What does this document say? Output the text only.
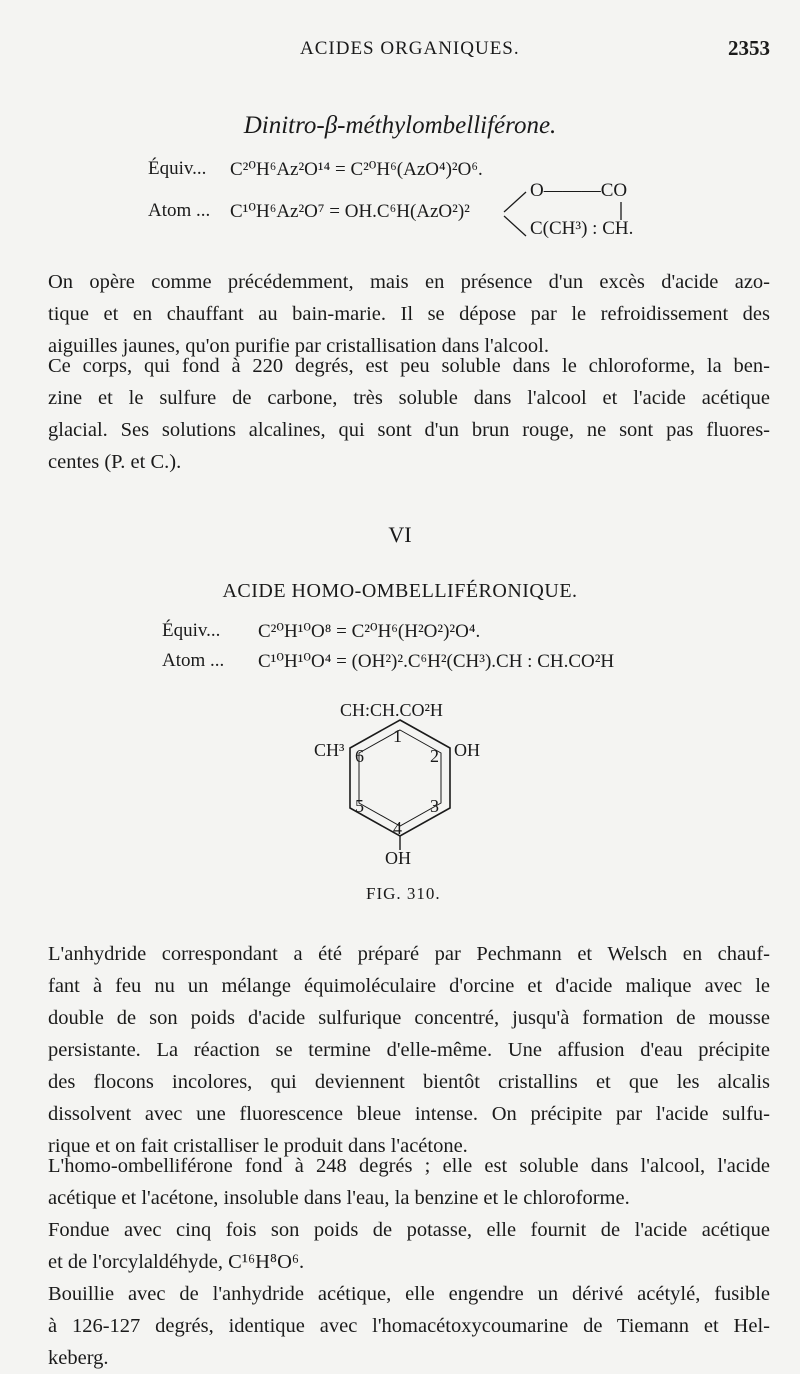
ACIDES ORGANIQUES.	2353
Dinitro-β-méthylombelliférone.
Équiv... C²⁰H⁶Az²O¹⁴ = C²⁰H⁶(AzO⁴)²O⁶.
Atom ... C¹⁰H⁶Az²O⁷ = OH.C⁶H(AzO²)²
O———CO
C(CH³) : CH.
On opère comme précédemment, mais en présence d'un excès d'acide azo-
tique et en chauffant au bain-marie. Il se dépose par le refroidissement des
aiguilles jaunes, qu'on purifie par cristallisation dans l'alcool.
Ce corps, qui fond à 220 degrés, est peu soluble dans le chloroforme, la ben-
zine et le sulfure de carbone, très soluble dans l'alcool et l'acide acétique
glacial. Ses solutions alcalines, qui sont d'un brun rouge, ne sont pas fluores-
centes (P. et C.).
VI
ACIDE HOMO-OMBELLIFÉRONIQUE.
Équiv... C²⁰H¹⁰O⁸ = C²⁰H⁶(H²O²)²O⁴.
Atom ... C¹⁰H¹⁰O⁴ = (OH²)².C⁶H²(CH³).CH : CH.CO²H
CH:CH.CO²H
CH³	OH
OH
1
2
3
4
5
6
FIG. 310.
L'anhydride correspondant a été préparé par Pechmann et Welsch en chauf-
fant à feu nu un mélange équimoléculaire d'orcine et d'acide malique avec le
double de son poids d'acide sulfurique concentré, jusqu'à formation de mousse
persistante. La réaction se termine d'elle-même. Une affusion d'eau précipite
des flocons incolores, qui deviennent bientôt cristallins et que les alcalis
dissolvent avec une fluorescence bleue intense. On précipite par l'acide sulfu-
rique et on fait cristalliser le produit dans l'acétone.
L'homo-ombelliférone fond à 248 degrés ; elle est soluble dans l'alcool, l'acide
acétique et l'acétone, insoluble dans l'eau, la benzine et le chloroforme.
Fondue avec cinq fois son poids de potasse, elle fournit de l'acide acétique
et de l'orcylaldéhyde, C¹⁶H⁸O⁶.
Bouillie avec de l'anhydride acétique, elle engendre un dérivé acétylé, fusible
à 126-127 degrés, identique avec l'homacétoxycoumarine de Tiemann et Hel-
keberg.
